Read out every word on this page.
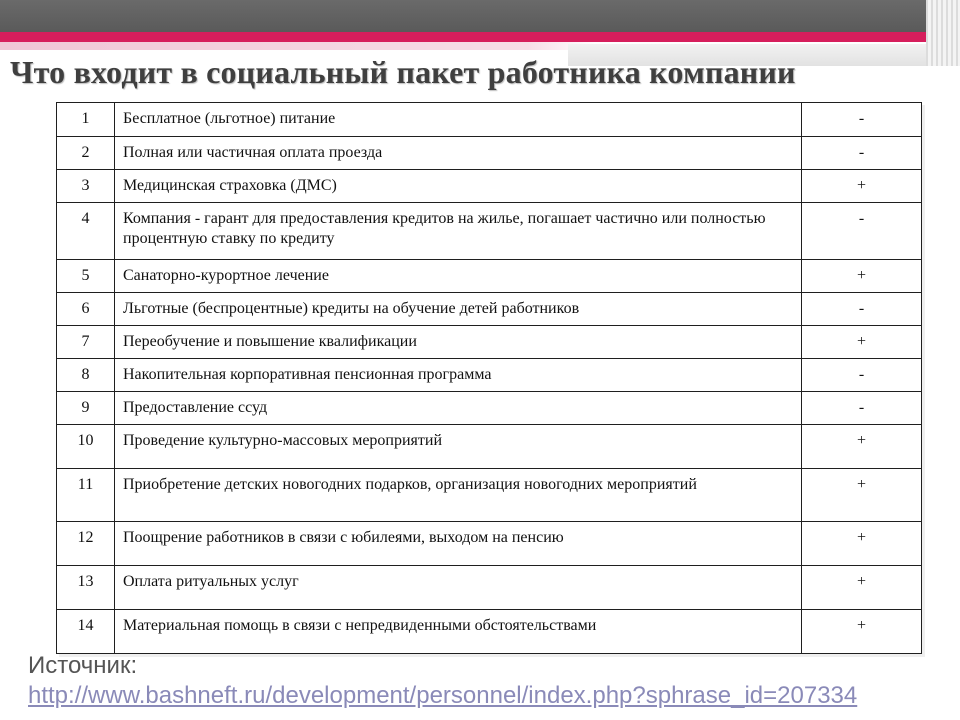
Что входит в социальный пакет работника компании
1	Бесплатное (льготное) питание	-
2	Полная или частичная оплата проезда	-
3	Медицинская страховка (ДМС)	+
4	Компания - гарант для предоставления кредитов на жилье, погашает частично или полностью процентную ставку по кредиту	-
5	Санаторно-курортное лечение	+
6	Льготные (беспроцентные) кредиты на обучение детей работников	-
7	Переобучение и повышение квалификации	+
8	Накопительная корпоративная пенсионная программа	-
9	Предоставление ссуд	-
10	Проведение культурно-массовых мероприятий	+
11	Приобретение детских новогодних подарков, организация новогодних мероприятий	+
12	Поощрение работников в связи с юбилеями, выходом на пенсию	+
13	Оплата ритуальных услуг	+
14	Материальная помощь в связи с непредвиденными обстоятельствами	+
Источник:
http://www.bashneft.ru/development/personnel/index.php?sphrase_id=207334
